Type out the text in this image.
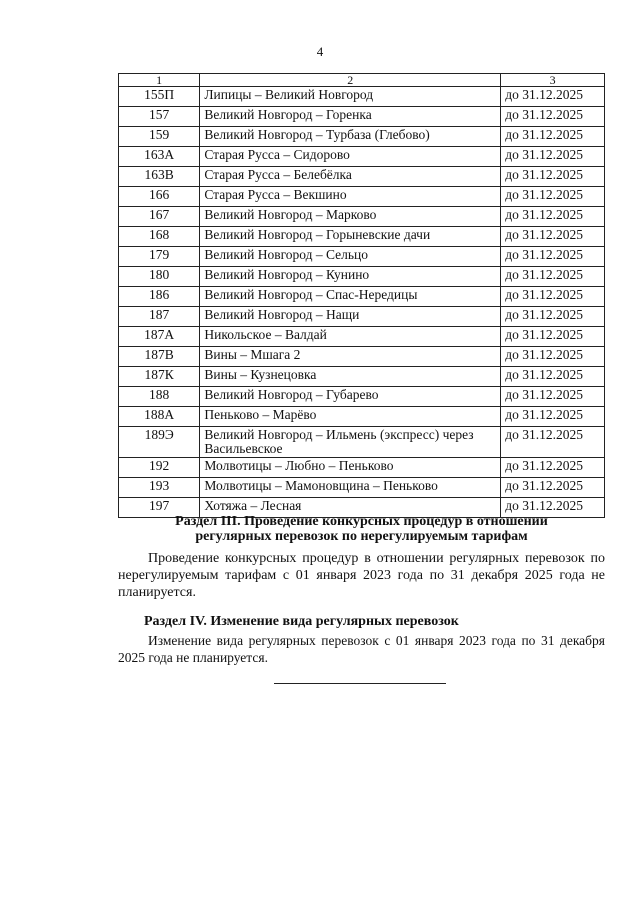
4
1	2	3
155П	Липицы – Великий Новгород	до 31.12.2025
157	Великий Новгород – Горенка	до 31.12.2025
159	Великий Новгород – Турбаза (Глебово)	до 31.12.2025
163А	Старая Русса – Сидорово	до 31.12.2025
163В	Старая Русса – Белебёлка	до 31.12.2025
166	Старая Русса – Векшино	до 31.12.2025
167	Великий Новгород – Марково	до 31.12.2025
168	Великий Новгород – Горыневские дачи	до 31.12.2025
179	Великий Новгород – Сельцо	до 31.12.2025
180	Великий Новгород – Кунино	до 31.12.2025
186	Великий Новгород – Спас-Нередицы	до 31.12.2025
187	Великий Новгород – Нащи	до 31.12.2025
187А	Никольское – Валдай	до 31.12.2025
187В	Вины – Мшага 2	до 31.12.2025
187К	Вины – Кузнецовка	до 31.12.2025
188	Великий Новгород – Губарево	до 31.12.2025
188А	Пеньково – Марёво	до 31.12.2025
189Э	Великий Новгород – Ильмень (экспресс) через Васильевское	до 31.12.2025
192	Молвотицы – Любно – Пеньково	до 31.12.2025
193	Молвотицы – Мамоновщина – Пеньково	до 31.12.2025
197	Хотяжа – Лесная	до 31.12.2025
Раздел III. Проведение конкурсных процедур в отношении
регулярных перевозок по нерегулируемым тарифам
Проведение конкурсных процедур в отношении регулярных перевозок по нерегулируемым тарифам с 01 января 2023 года по 31 декабря 2025 года не планируется.
Раздел IV. Изменение вида регулярных перевозок
Изменение вида регулярных перевозок с 01 января 2023 года по 31 декабря 2025 года не планируется.
